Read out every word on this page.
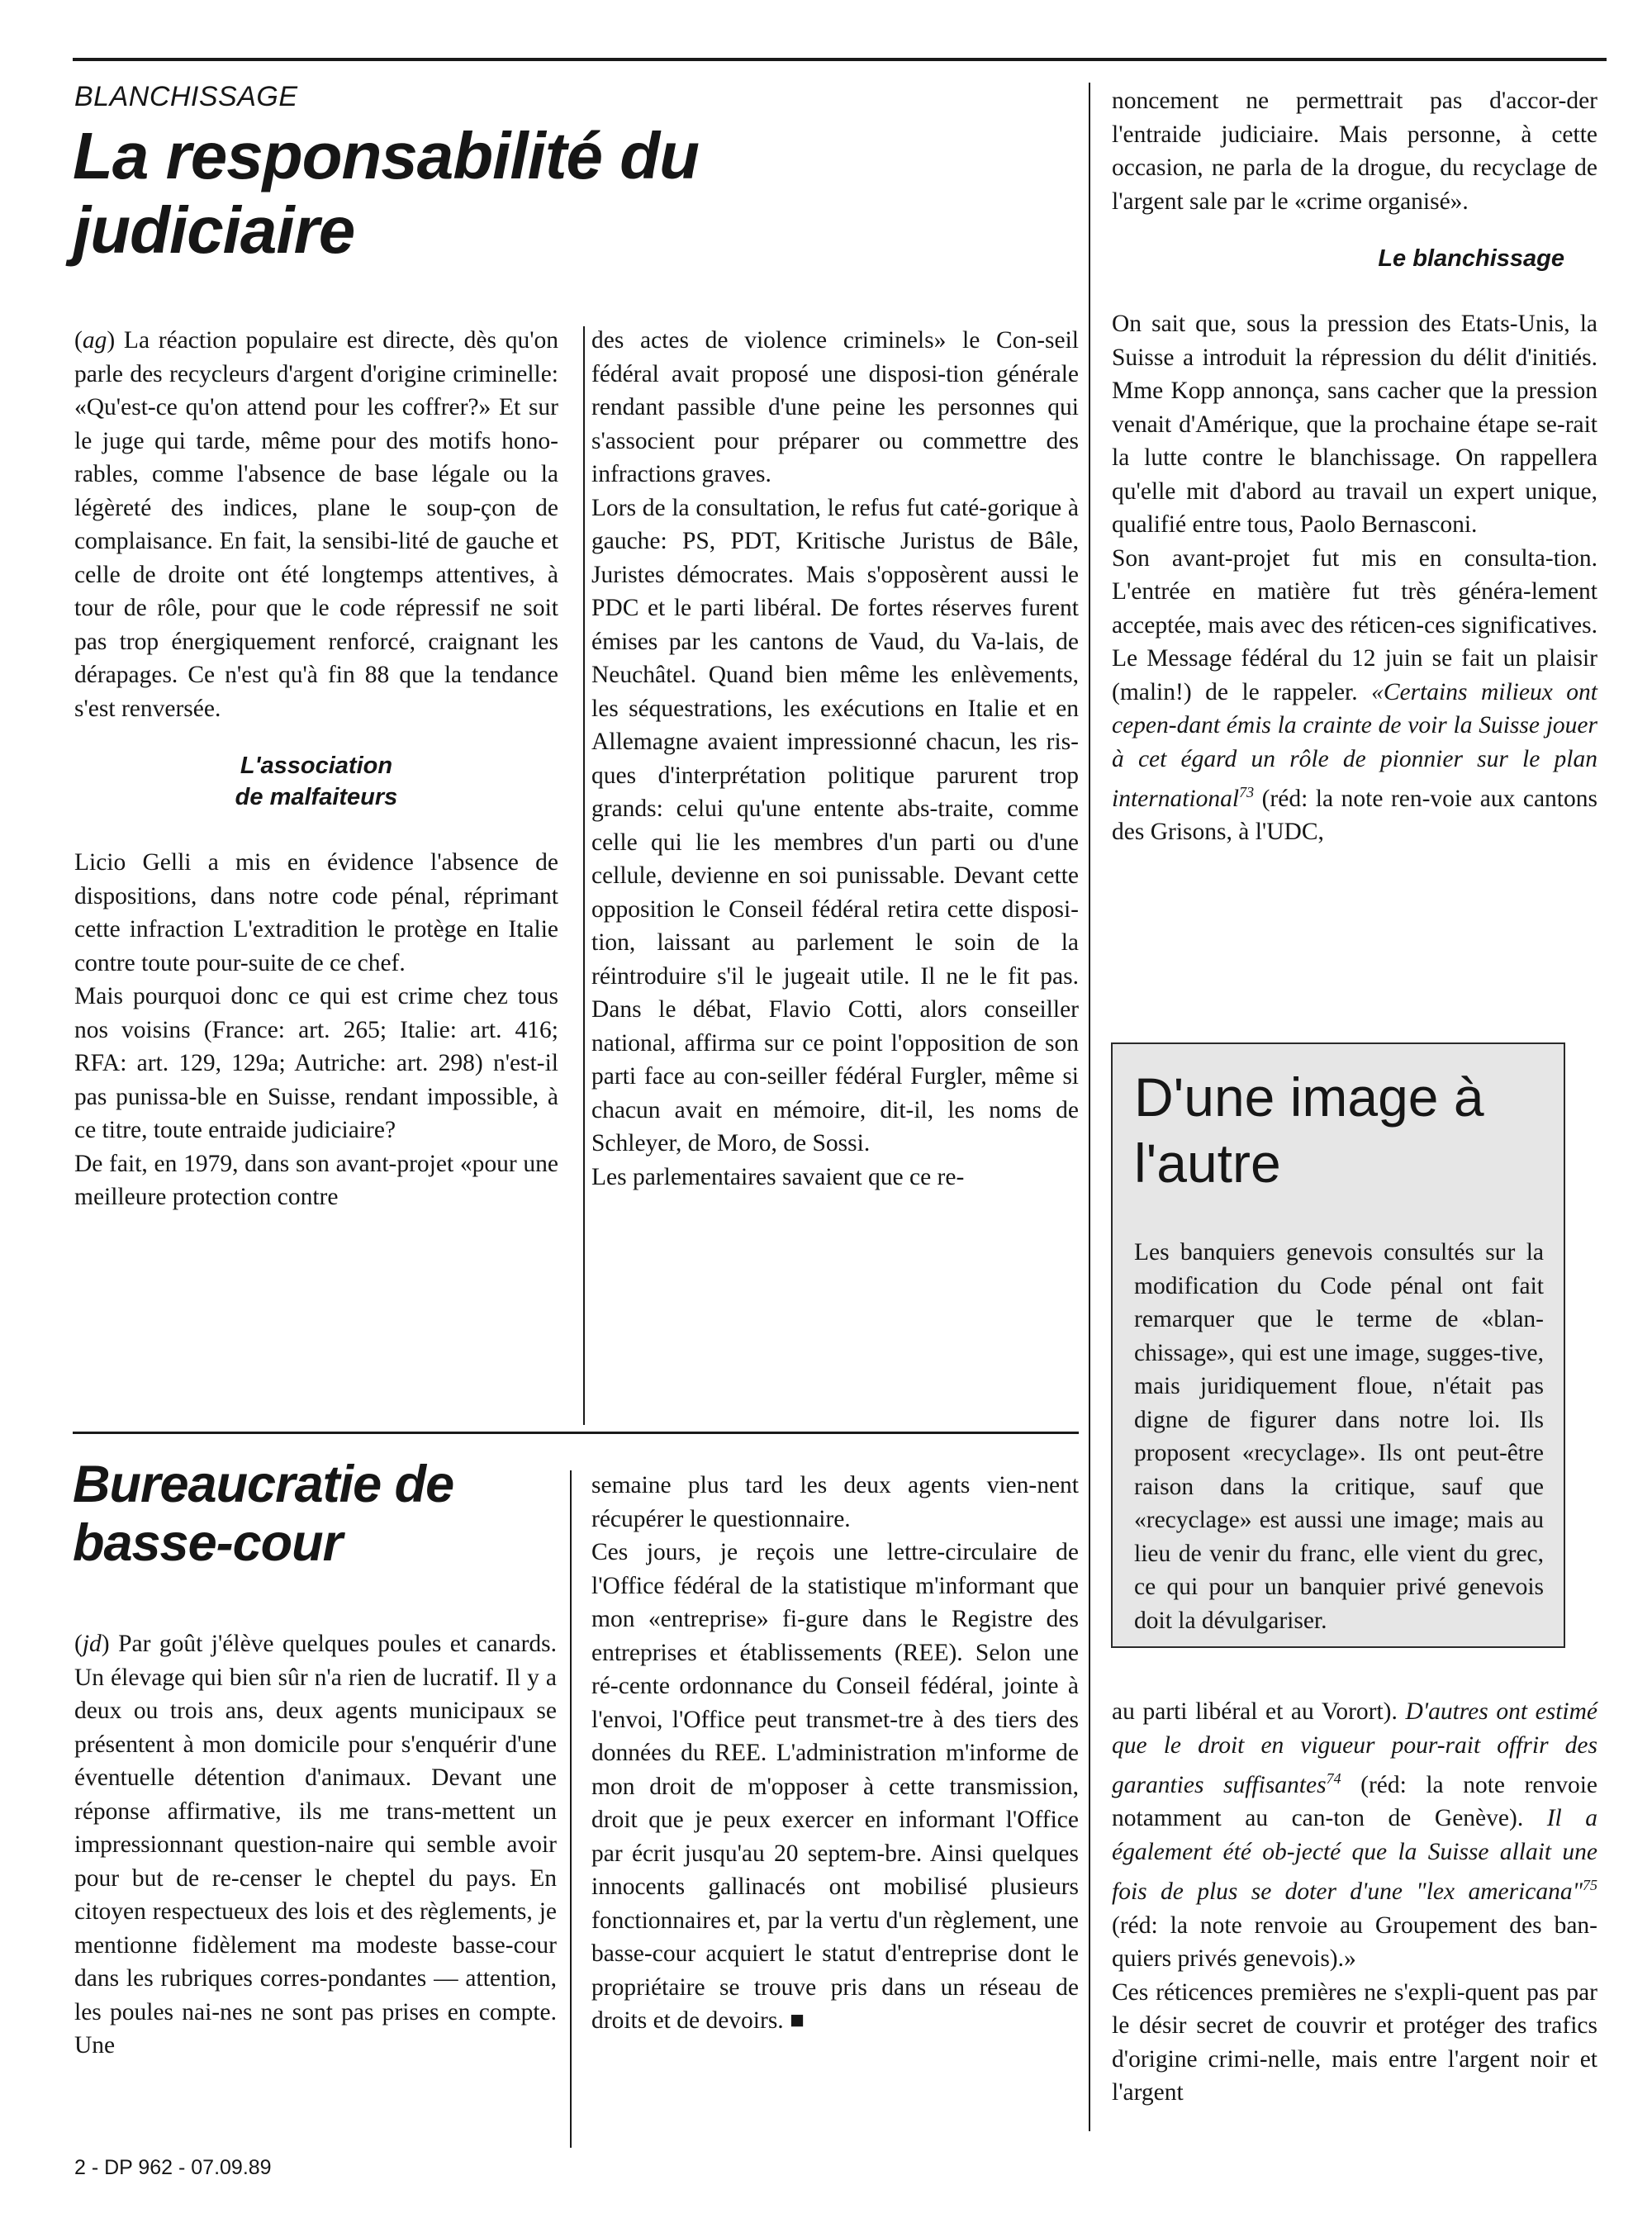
BLANCHISSAGE
La responsabilité du
judiciaire

(ag) La réaction populaire est directe, dès qu'on parle des recycleurs d'argent d'origine criminelle: «Qu'est-ce qu'on attend pour les coffrer?» Et sur le juge qui tarde, même pour des motifs hono-rables, comme l'absence de base légale ou la légèreté des indices, plane le soup-çon de complaisance. En fait, la sensibi-lité de gauche et celle de droite ont été longtemps attentives, à tour de rôle, pour que le code répressif ne soit pas trop énergiquement renforcé, craignant les dérapages. Ce n'est qu'à fin 88 que la tendance s'est renversée.

L'association
de malfaiteurs

Licio Gelli a mis en évidence l'absence de dispositions, dans notre code pénal, réprimant cette infraction L'extradition le protège en Italie contre toute pour-suite de ce chef.

Mais pourquoi donc ce qui est crime chez tous nos voisins (France: art. 265; Italie: art. 416; RFA: art. 129, 129a; Autriche: art. 298) n'est-il pas punissa-ble en Suisse, rendant impossible, à ce titre, toute entraide judiciaire?

De fait, en 1979, dans son avant-projet «pour une meilleure protection contre

des actes de violence criminels» le Con-seil fédéral avait proposé une disposi-tion générale rendant passible d'une peine les personnes qui s'associent pour préparer ou commettre des infractions graves.

Lors de la consultation, le refus fut caté-gorique à gauche: PS, PDT, Kritische Juristus de Bâle, Juristes démocrates. Mais s'opposèrent aussi le PDC et le parti libéral. De fortes réserves furent émises par les cantons de Vaud, du Va-lais, de Neuchâtel. Quand bien même les enlèvements, les séquestrations, les exécutions en Italie et en Allemagne avaient impressionné chacun, les ris-ques d'interprétation politique parurent trop grands: celui qu'une entente abs-traite, comme celle qui lie les membres d'un parti ou d'une cellule, devienne en soi punissable. Devant cette opposition le Conseil fédéral retira cette disposi-tion, laissant au parlement le soin de la réintroduire s'il le jugeait utile. Il ne le fit pas. Dans le débat, Flavio Cotti, alors conseiller national, affirma sur ce point l'opposition de son parti face au con-seiller fédéral Furgler, même si chacun avait en mémoire, dit-il, les noms de Schleyer, de Moro, de Sossi.

Les parlementaires savaient que ce re-

noncement ne permettrait pas d'accor-der l'entraide judiciaire. Mais personne, à cette occasion, ne parla de la drogue, du recyclage de l'argent sale par le «crime organisé».

Le blanchissage

On sait que, sous la pression des Etats-Unis, la Suisse a introduit la répression du délit d'initiés. Mme Kopp annonça, sans cacher que la pression venait d'Amérique, que la prochaine étape se-rait la lutte contre le blanchissage. On rappellera qu'elle mit d'abord au travail un expert unique, qualifié entre tous, Paolo Bernasconi.

Son avant-projet fut mis en consulta-tion. L'entrée en matière fut très généra-lement acceptée, mais avec des réticen-ces significatives. Le Message fédéral du 12 juin se fait un plaisir (malin!) de le rappeler. «Certains milieux ont cepen-dant émis la crainte de voir la Suisse jouer à cet égard un rôle de pionnier sur le plan international$^{73}$ (réd: la note ren-voie aux cantons des Grisons, à l'UDC,

D'une image à
l'autre
Les banquiers genevois consultés sur la modification du Code pénal ont fait remarquer que le terme de «blan-chissage», qui est une image, sugges-tive, mais juridiquement floue, n'était pas digne de figurer dans notre loi. Ils proposent «recyclage». Ils ont peut-être raison dans la critique, sauf que «recyclage» est aussi une image; mais au lieu de venir du franc, elle vient du grec, ce qui pour un banquier privé genevois doit la dévulgariser.

au parti libéral et au Vorort). D'autres ont estimé que le droit en vigueur pour-rait offrir des garanties suffisantes$^{74}$ (réd: la note renvoie notamment au can-ton de Genève). Il a également été ob-jecté que la Suisse allait une fois de plus se doter d'une "lex americana"$^{75}$ (réd: la note renvoie au Groupement des ban-quiers privés genevois).»

Ces réticences premières ne s'expli-quent pas par le désir secret de couvrir et protéger des trafics d'origine crimi-nelle, mais entre l'argent noir et l'argent

Bureaucratie de
basse-cour

(jd) Par goût j'élève quelques poules et canards. Un élevage qui bien sûr n'a rien de lucratif. Il y a deux ou trois ans, deux agents municipaux se présentent à mon domicile pour s'enquérir d'une éventuelle détention d'animaux. Devant une réponse affirmative, ils me trans-mettent un impressionnant question-naire qui semble avoir pour but de re-censer le cheptel du pays. En citoyen respectueux des lois et des règlements, je mentionne fidèlement ma modeste basse-cour dans les rubriques corres-pondantes — attention, les poules nai-nes ne sont pas prises en compte. Une

semaine plus tard les deux agents vien-nent récupérer le questionnaire.

Ces jours, je reçois une lettre-circulaire de l'Office fédéral de la statistique m'informant que mon «entreprise» fi-gure dans le Registre des entreprises et établissements (REE). Selon une ré-cente ordonnance du Conseil fédéral, jointe à l'envoi, l'Office peut transmet-tre à des tiers des données du REE. L'administration m'informe de mon droit de m'opposer à cette transmission, droit que je peux exercer en informant l'Office par écrit jusqu'au 20 septem-bre. Ainsi quelques innocents gallinacés ont mobilisé plusieurs fonctionnaires et, par la vertu d'un règlement, une basse-cour acquiert le statut d'entreprise dont le propriétaire se trouve pris dans un réseau de droits et de devoirs. ■

2 - DP 962 - 07.09.89
